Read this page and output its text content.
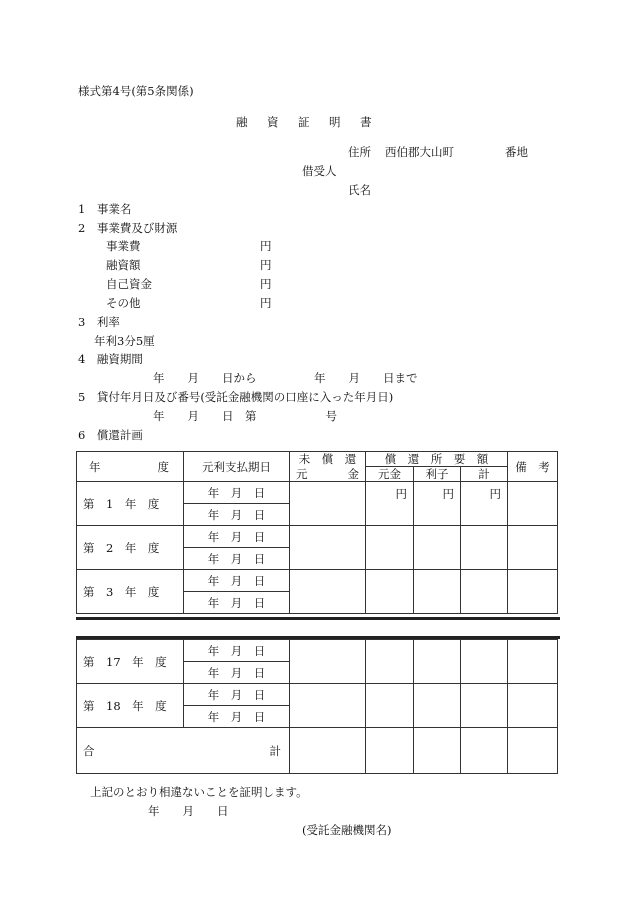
様式第4号(第5条関係)
融　資　証　明　書
住所 西伯郡大山町	番地
借受人
氏名
1　事業名
2　事業費及び財源
事業費	円
融資額	円
自己資金	円
その他	円
3　利率
年利3分5厘
4　融資期間
年　　月　　日から　　　　　年　　月　　日まで
5　貸付年月日及び番号(受託金融機関の口座に入った年月日)
年　　月　　日　第　　　　　　号
6　償還計画
年 度	元利支払期日	未　償　還	償　還　所　要　額			備　考

		元 金	元金	利子	計	
第　1　年　度	年　月　日		円	円	円	
	年　月　日					
第　2　年　度	年　月　日					
	年　月　日					
第　3　年　度	年　月　日					
	年　月　日					
第　17　年　度	年　月　日					
	年　月　日					
第　18　年　度	年　月　日					
	年　月　日					

合 計						

上記のとおり相違ないことを証明します。
年　　月　　日
(受託金融機関名)
